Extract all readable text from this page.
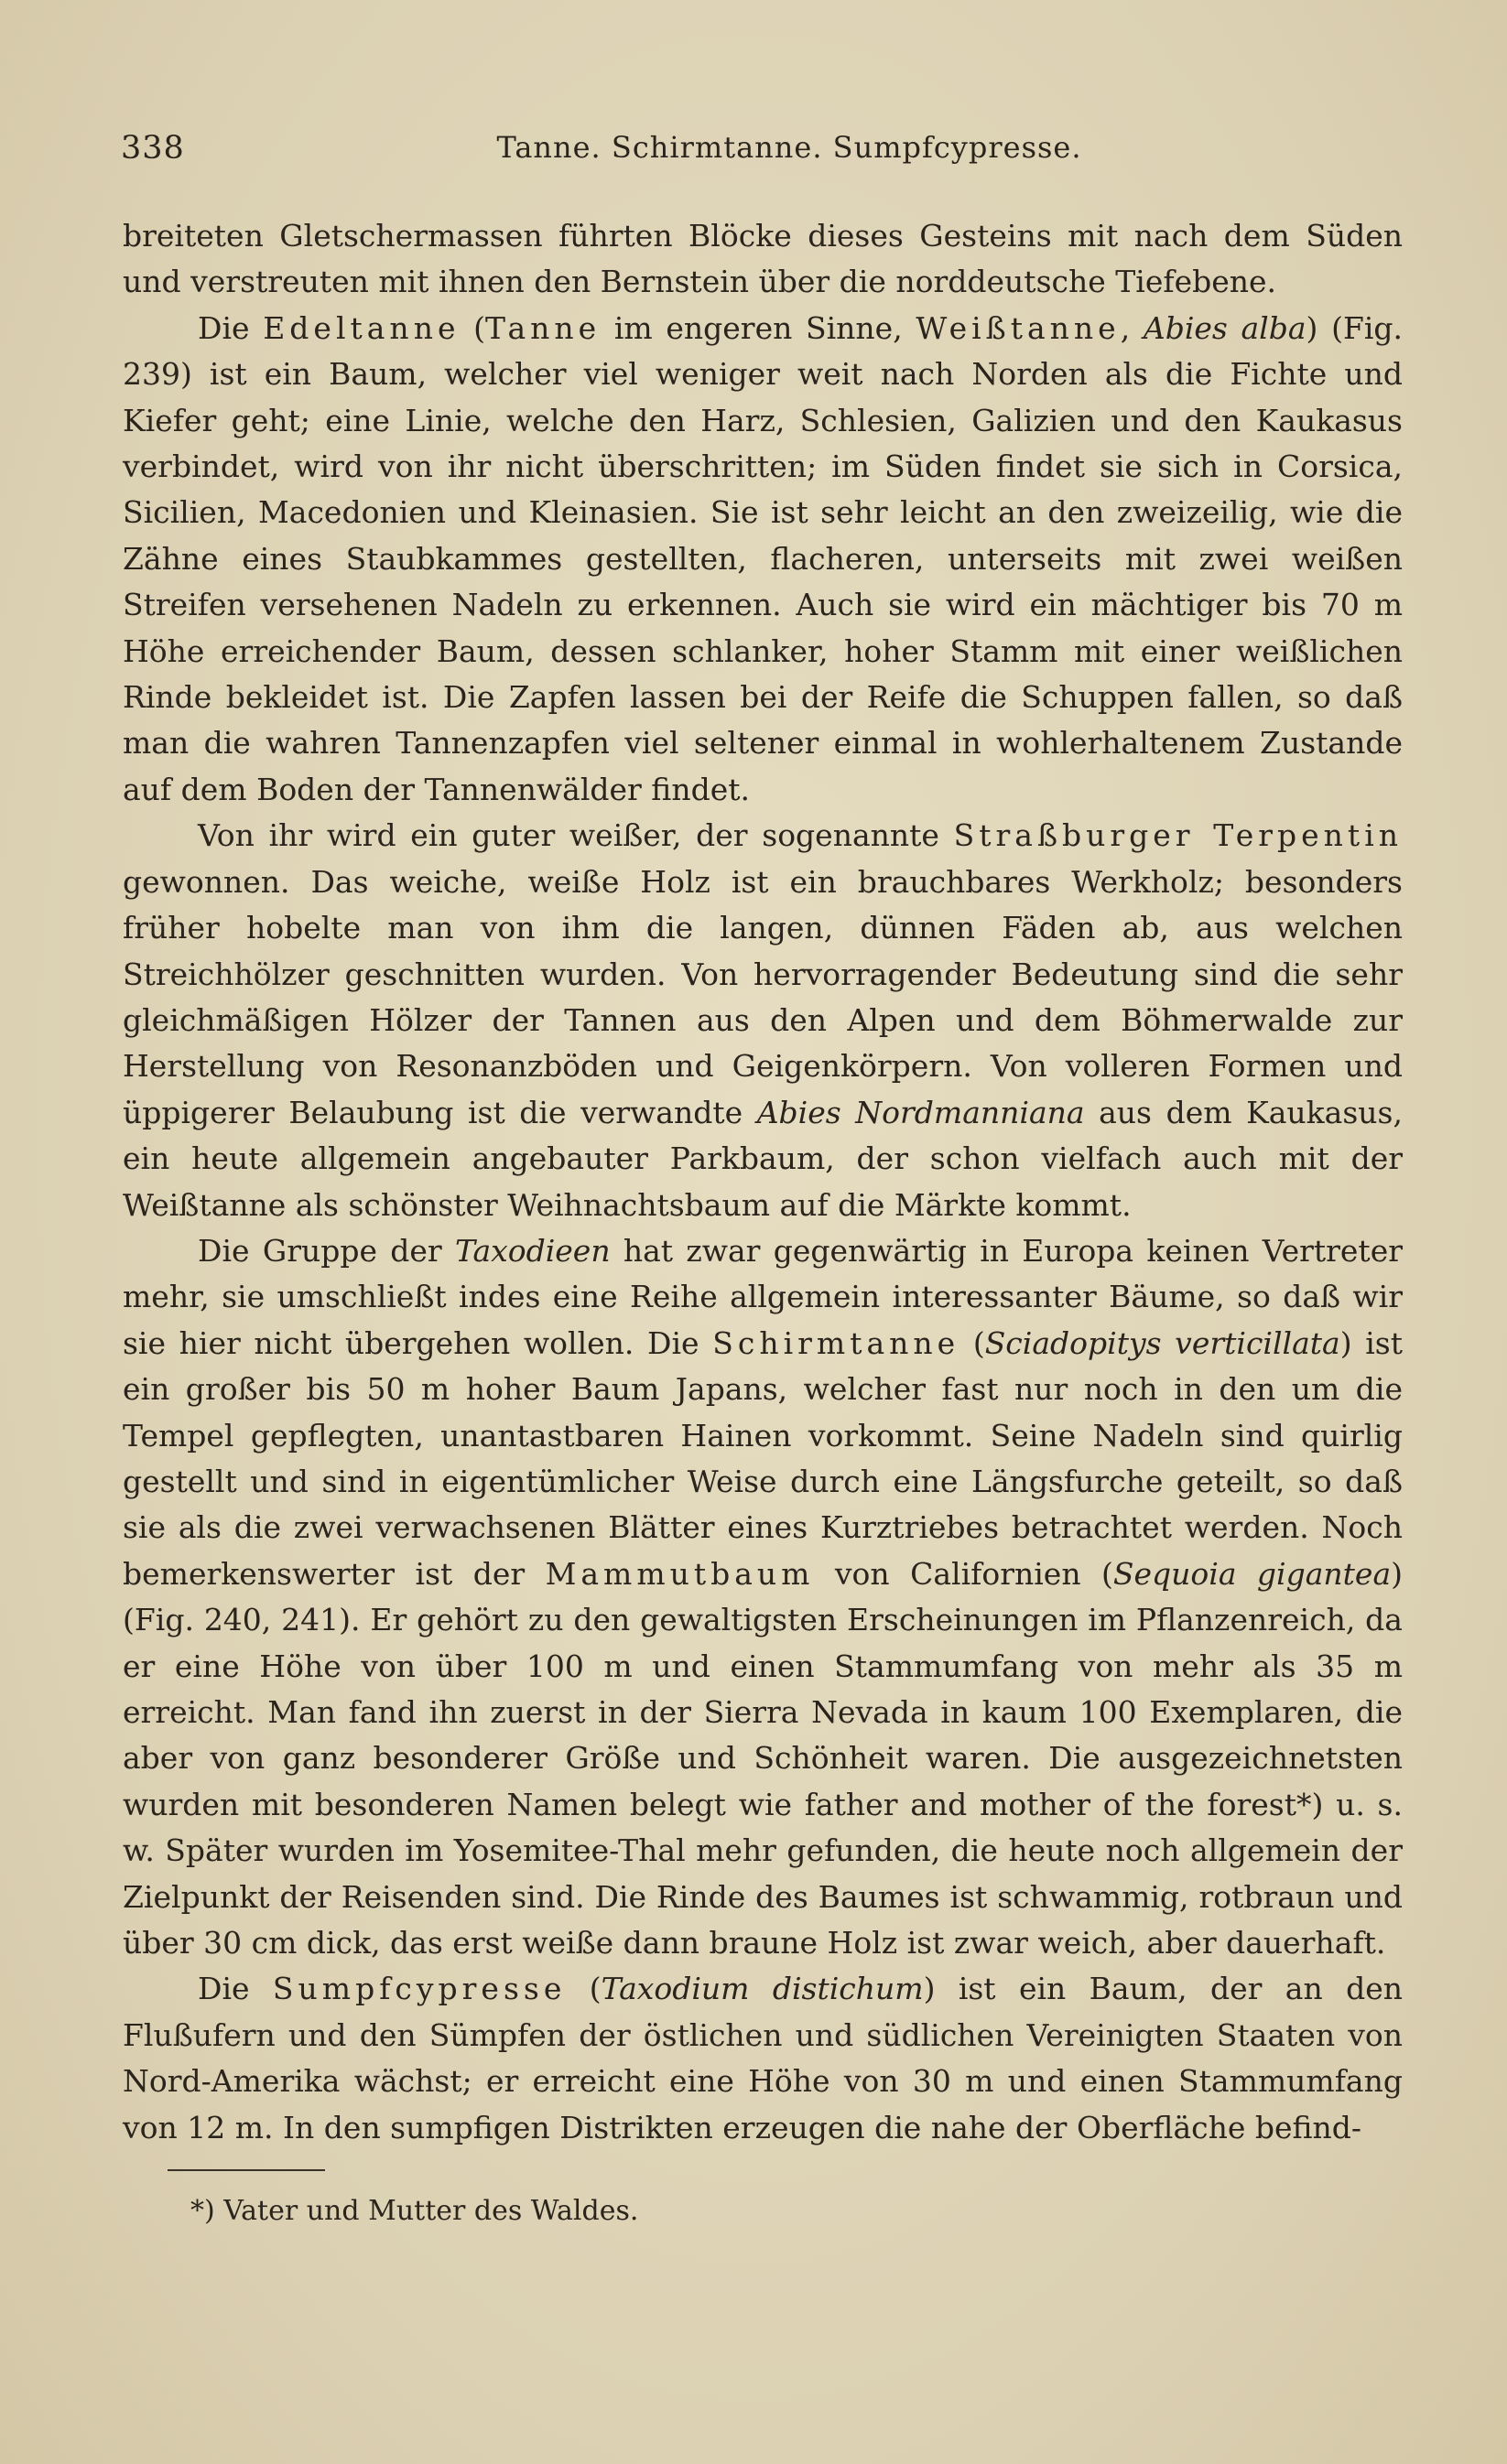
338	Tanne. Schirmtanne. Sumpfcypresse.

breiteten Gletschermassen führten Blöcke dieses Gesteins mit nach dem Süden und verstreuten mit ihnen den Bernstein über die norddeutsche Tiefebene.

Die Edeltanne (Tanne im engeren Sinne, Weißtanne, Abies alba) (Fig. 239) ist ein Baum, welcher viel weniger weit nach Norden als die Fichte und Kiefer geht; eine Linie, welche den Harz, Schlesien, Galizien und den Kaukasus verbindet, wird von ihr nicht überschritten; im Süden findet sie sich in Corsica, Sicilien, Macedonien und Kleinasien. Sie ist sehr leicht an den zweizeilig, wie die Zähne eines Staubkammes gestellten, flacheren, unterseits mit zwei weißen Streifen versehenen Nadeln zu erkennen. Auch sie wird ein mächtiger bis 70 m Höhe erreichender Baum, dessen schlanker, hoher Stamm mit einer weißlichen Rinde bekleidet ist. Die Zapfen lassen bei der Reife die Schuppen fallen, so daß man die wahren Tannenzapfen viel seltener einmal in wohlerhaltenem Zustande auf dem Boden der Tannenwälder findet.

Von ihr wird ein guter weißer, der sogenannte Straßburger Terpentin gewonnen. Das weiche, weiße Holz ist ein brauchbares Werkholz; besonders früher hobelte man von ihm die langen, dünnen Fäden ab, aus welchen Streichhölzer geschnitten wurden. Von hervorragender Bedeutung sind die sehr gleichmäßigen Hölzer der Tannen aus den Alpen und dem Böhmerwalde zur Herstellung von Resonanzböden und Geigenkörpern. Von volleren Formen und üppigerer Belaubung ist die verwandte Abies Nordmanniana aus dem Kaukasus, ein heute allgemein angebauter Parkbaum, der schon vielfach auch mit der Weißtanne als schönster Weihnachtsbaum auf die Märkte kommt.

Die Gruppe der Taxodieen hat zwar gegenwärtig in Europa keinen Vertreter mehr, sie umschließt indes eine Reihe allgemein interessanter Bäume, so daß wir sie hier nicht übergehen wollen. Die Schirmtanne (Sciadopitys verticillata) ist ein großer bis 50 m hoher Baum Japans, welcher fast nur noch in den um die Tempel gepflegten, unantastbaren Hainen vorkommt. Seine Nadeln sind quirlig gestellt und sind in eigentümlicher Weise durch eine Längsfurche geteilt, so daß sie als die zwei verwachsenen Blätter eines Kurztriebes betrachtet werden. Noch bemerkenswerter ist der Mammutbaum von Californien (Sequoia gigantea) (Fig. 240, 241). Er gehört zu den gewaltigsten Erscheinungen im Pflanzenreich, da er eine Höhe von über 100 m und einen Stammumfang von mehr als 35 m erreicht. Man fand ihn zuerst in der Sierra Nevada in kaum 100 Exemplaren, die aber von ganz besonderer Größe und Schönheit waren. Die ausgezeichnetsten wurden mit besonderen Namen belegt wie father and mother of the forest*) u. s. w. Später wurden im Yosemitee-Thal mehr gefunden, die heute noch allgemein der Zielpunkt der Reisenden sind. Die Rinde des Baumes ist schwammig, rotbraun und über 30 cm dick, das erst weiße dann braune Holz ist zwar weich, aber dauerhaft.

Die Sumpfcypresse (Taxodium distichum) ist ein Baum, der an den Flußufern und den Sümpfen der östlichen und südlichen Vereinigten Staaten von Nord-Amerika wächst; er erreicht eine Höhe von 30 m und einen Stammumfang von 12 m. In den sumpfigen Distrikten erzeugen die nahe der Oberfläche befind-

*) Vater und Mutter des Waldes.
